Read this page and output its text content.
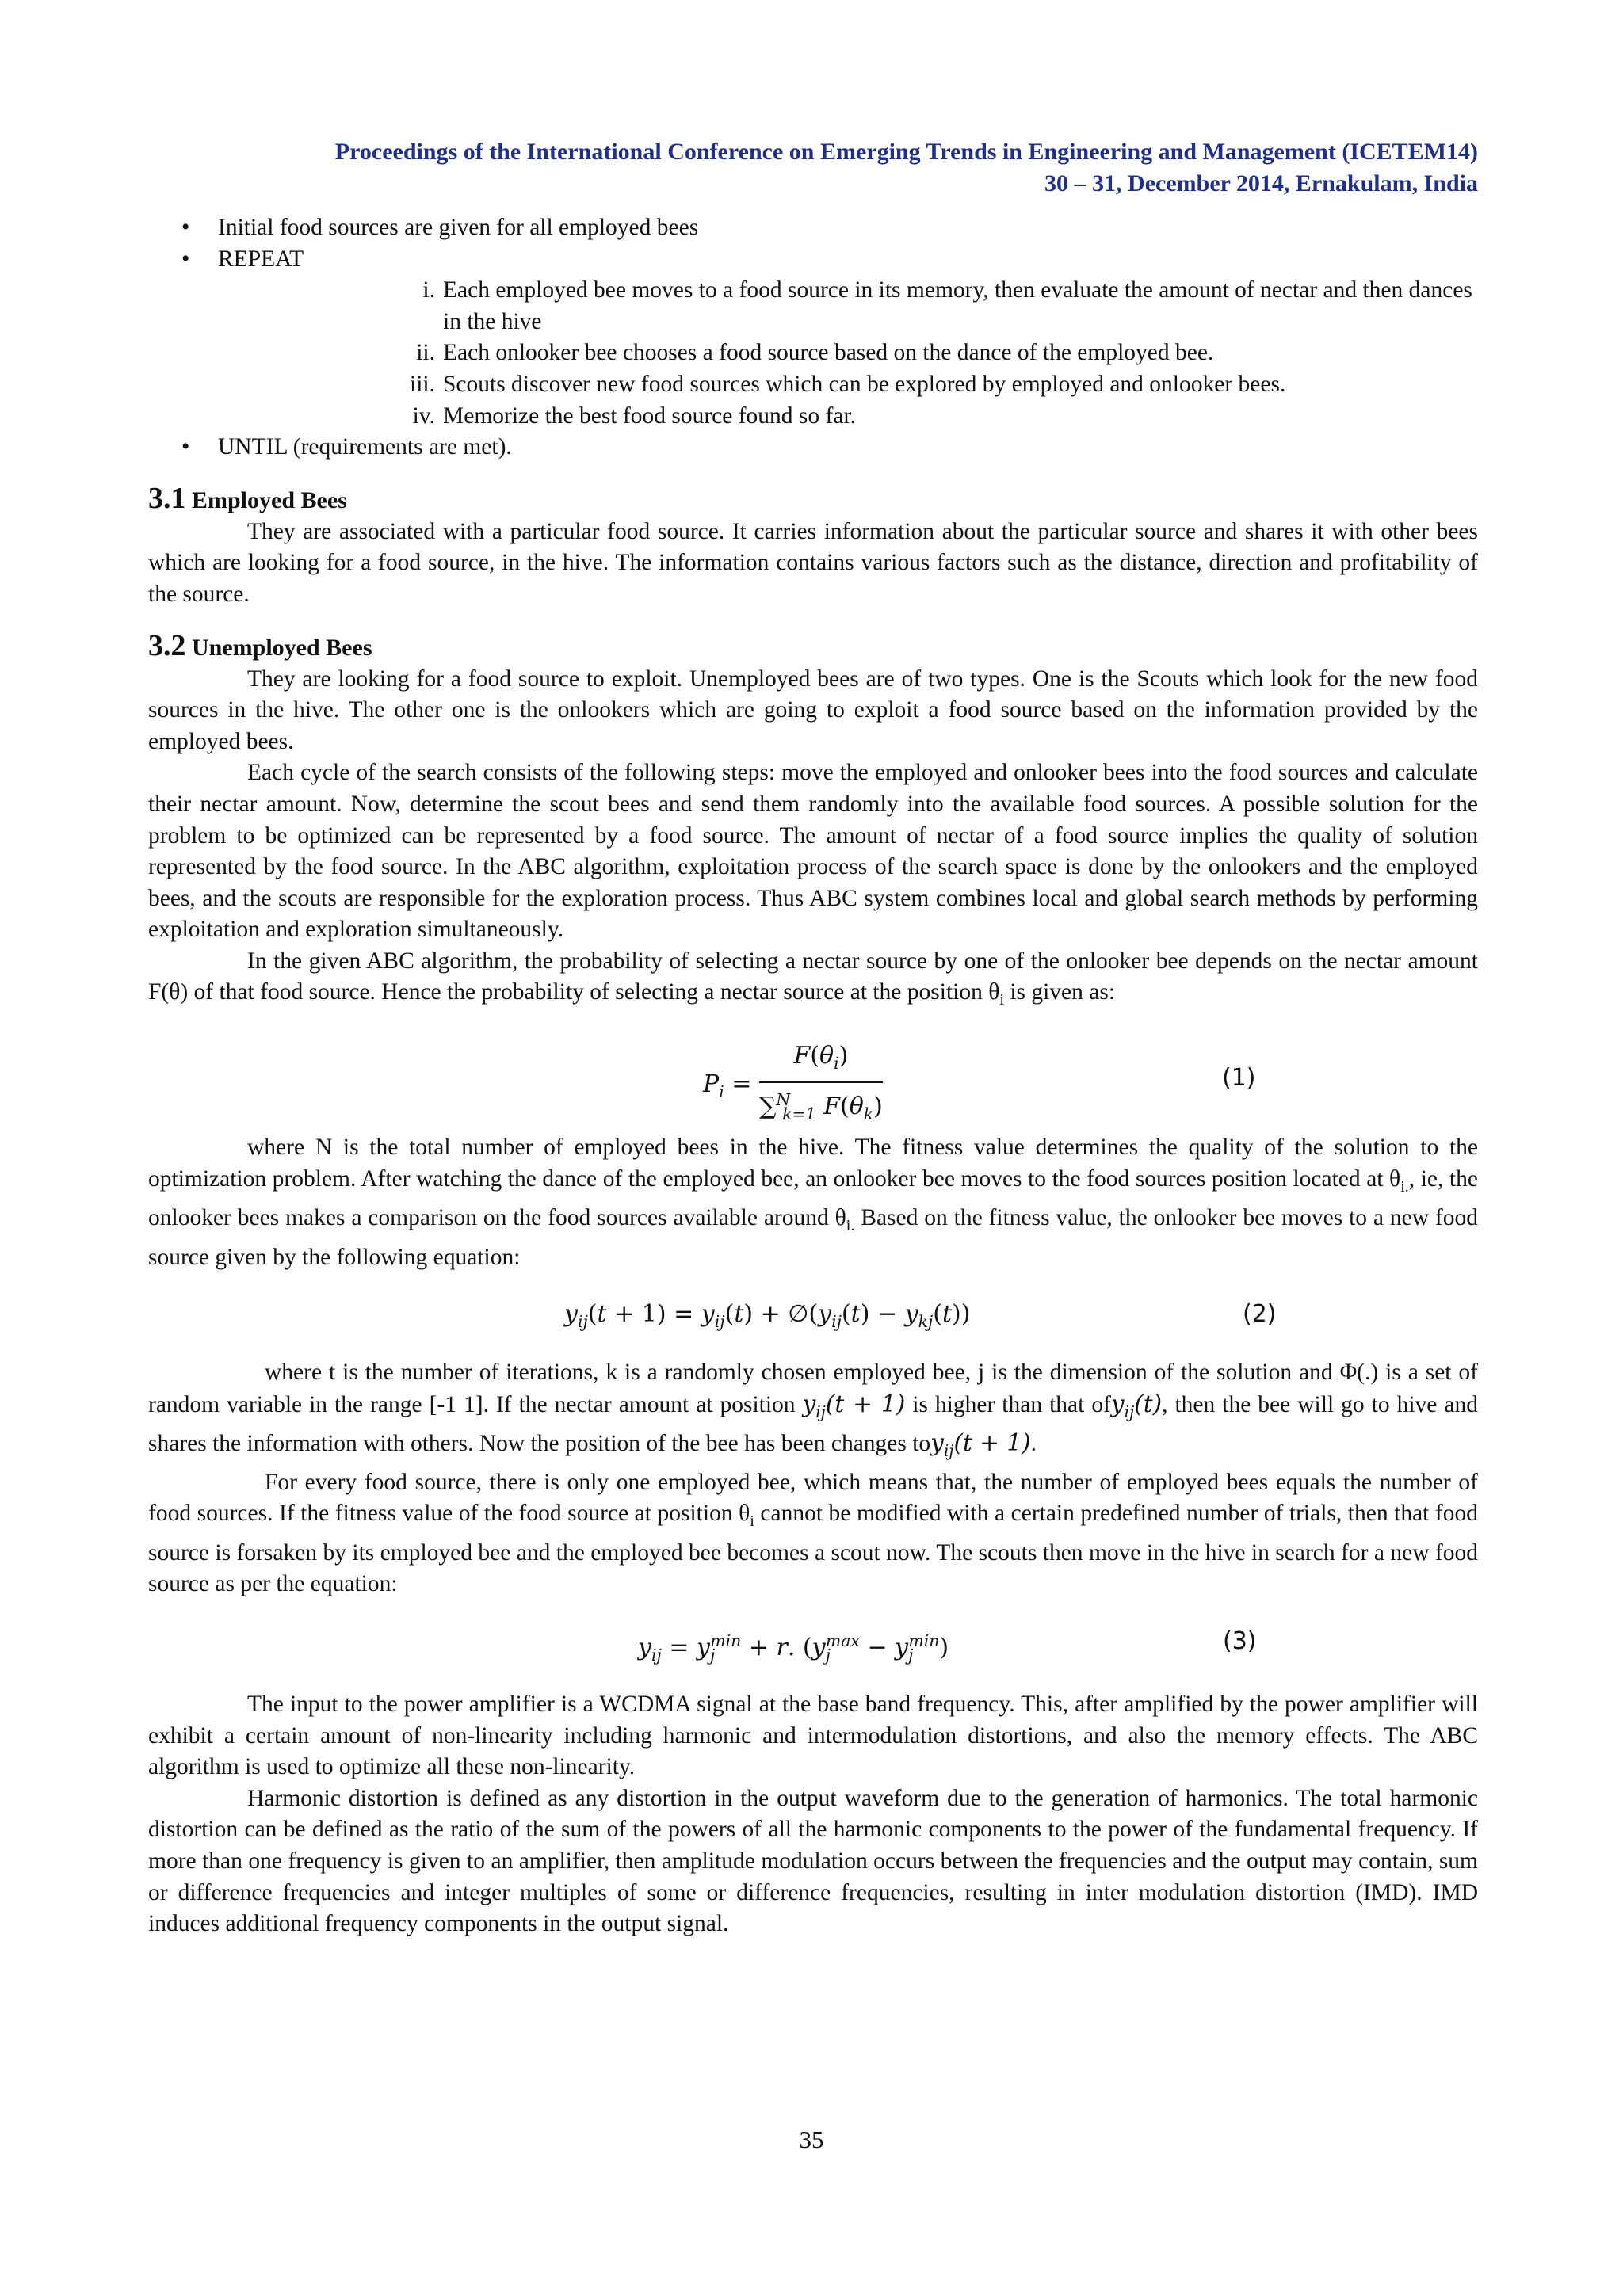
Proceedings of the International Conference on Emerging Trends in Engineering and Management (ICETEM14)
30 – 31, December 2014, Ernakulam, India
• Initial food sources are given for all employed bees
• REPEAT
i. Each employed bee moves to a food source in its memory, then evaluate the amount of nectar and then dances in the hive
ii. Each onlooker bee chooses a food source based on the dance of the employed bee.
iii. Scouts discover new food sources which can be explored by employed and onlooker bees.
iv. Memorize the best food source found so far.
• UNTIL (requirements are met).
3.1 Employed Bees

They are associated with a particular food source. It carries information about the particular source and shares it with other bees which are looking for a food source, in the hive. The information contains various factors such as the distance, direction and profitability of the source.

3.2 Unemployed Bees

They are looking for a food source to exploit. Unemployed bees are of two types. One is the Scouts which look for the new food sources in the hive. The other one is the onlookers which are going to exploit a food source based on the information provided by the employed bees.

Each cycle of the search consists of the following steps: move the employed and onlooker bees into the food sources and calculate their nectar amount. Now, determine the scout bees and send them randomly into the available food sources. A possible solution for the problem to be optimized can be represented by a food source. The amount of nectar of a food source implies the quality of solution represented by the food source. In the ABC algorithm, exploitation process of the search space is done by the onlookers and the employed bees, and the scouts are responsible for the exploration process. Thus ABC system combines local and global search methods by performing exploitation and exploration simultaneously.

In the given ABC algorithm, the probability of selecting a nectar source by one of the onlooker bee depends on the nectar amount F(θ) of that food source. Hence the probability of selecting a nectar source at the position $\theta_i$ is given as:

$P_i = \frac{F(\theta_i)}{\sum^N_{k=1} F(\theta_k)}$	(1)

where N is the total number of employed bees in the hive. The fitness value determines the quality of the solution to the optimization problem. After watching the dance of the employed bee, an onlooker bee moves to the food sources position located at $\theta_{i.}$, ie, the onlooker bees makes a comparison on the food sources available around $\theta_{i.}$ Based on the fitness value, the onlooker bee moves to a new food source given by the following equation:

$y_{ij}(t + 1) = y_{ij}(t)$ + $\emptyset(y_{ij}(t) - y_{kj}(t))$	(2)

where t is the number of iterations, k is a randomly chosen employed bee, j is the dimension of the solution and Φ(.) is a set of random variable in the range [-1 1]. If the nectar amount at position $y_{ij}(t + 1)$ is higher than that ofy$_{ij}$(t), then the bee will go to hive and shares the information with others. Now the position of the bee has been changes toy$_{ij}$(t + 1).

For every food source, there is only one employed bee, which means that, the number of employed bees equals the number of food sources. If the fitness value of the food source at position $\theta_i$ cannot be modified with a certain predefined number of trials, then that food source is forsaken by its employed bee and the employed bee becomes a scout now. The scouts then move in the hive in search for a new food source as per the equation:

$y_{ij} = y_j^{min} + r$. $(y_j^{max} - y_j^{min})$	(3)

The input to the power amplifier is a WCDMA signal at the base band frequency. This, after amplified by the power amplifier will exhibit a certain amount of non-linearity including harmonic and intermodulation distortions, and also the memory effects. The ABC algorithm is used to optimize all these non-linearity.

Harmonic distortion is defined as any distortion in the output waveform due to the generation of harmonics. The total harmonic distortion can be defined as the ratio of the sum of the powers of all the harmonic components to the power of the fundamental frequency. If more than one frequency is given to an amplifier, then amplitude modulation occurs between the frequencies and the output may contain, sum or difference frequencies and integer multiples of some or difference frequencies, resulting in inter modulation distortion (IMD). IMD induces additional frequency components in the output signal.

35
